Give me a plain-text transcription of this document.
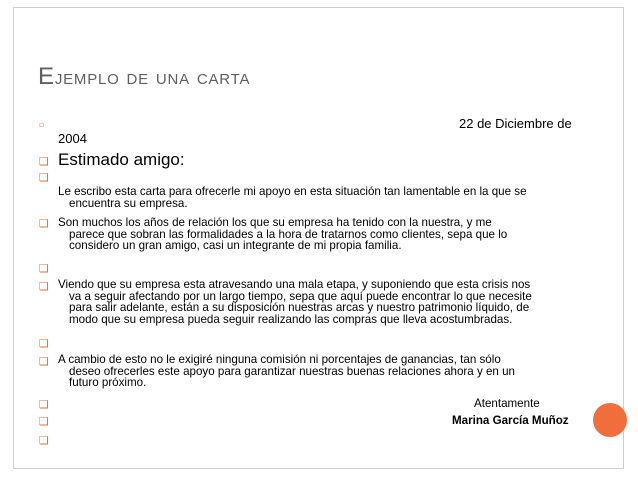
Ejemplo de una carta
▫	22 de Diciembre de
2004
❑ Estimado amigo:
❑
Le escribo esta carta para ofrecerle mi apoyo en esta situación tan lamentable en la que se
encuentra su empresa.
❑ Son muchos los años de relación los que su empresa ha tenido con la nuestra, y me
parece que sobran las formalidades a la hora de tratarnos como clientes, sepa que lo
considero un gran amigo, casi un integrante de mi propia familia.
❑
❑ Viendo que su empresa esta atravesando una mala etapa, y suponiendo que esta crisis nos
va a seguir afectando por un largo tiempo, sepa que aquí puede encontrar lo que necesite
para salir adelante, están a su disposición nuestras arcas y nuestro patrimonio líquido, de
modo que su empresa pueda seguir realizando las compras que lleva acostumbradas.
❑
❑ A cambio de esto no le exigiré ninguna comisión ni porcentajes de ganancias, tan sólo
deseo ofrecerles este apoyo para garantizar nuestras buenas relaciones ahora y en un
futuro próximo.
❑	Atentamente
❑	Marina García Muñoz
❑
